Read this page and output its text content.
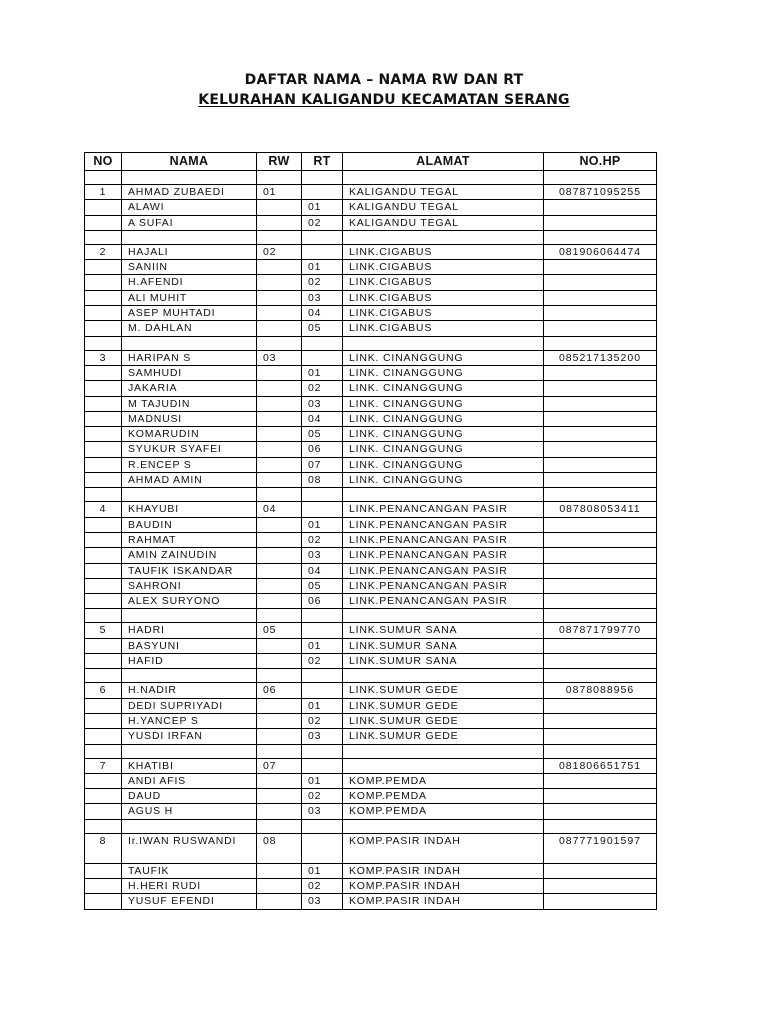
DAFTAR NAMA – NAMA RW DAN RT
KELURAHAN KALIGANDU KECAMATAN SERANG
NO	NAMA	RW	RT	ALAMAT	NO.HP

1	AHMAD ZUBAEDI	01		KALIGANDU TEGAL	087871095255
	ALAWI		01	KALIGANDU TEGAL	
	A SUFAI		02	KALIGANDU TEGAL	

2	HAJALI	02		LINK.CIGABUS	081906064474
	SANIIN		01	LINK.CIGABUS	
	H.AFENDI		02	LINK.CIGABUS	
	ALI MUHIT		03	LINK.CIGABUS	
	ASEP MUHTADI		04	LINK.CIGABUS	
	M. DAHLAN		05	LINK.CIGABUS	

3	HARIPAN S	03		LINK. CINANGGUNG	085217135200
	SAMHUDI		01	LINK. CINANGGUNG	
	JAKARIA		02	LINK. CINANGGUNG	
	M TAJUDIN		03	LINK. CINANGGUNG	
	MADNUSI		04	LINK. CINANGGUNG	
	KOMARUDIN		05	LINK. CINANGGUNG	
	SYUKUR SYAFEI		06	LINK. CINANGGUNG	
	R.ENCEP S		07	LINK. CINANGGUNG	
	AHMAD AMIN		08	LINK. CINANGGUNG	

4	KHAYUBI	04		LINK.PENANCANGAN PASIR	087808053411
	BAUDIN		01	LINK.PENANCANGAN PASIR	
	RAHMAT		02	LINK.PENANCANGAN PASIR	
	AMIN ZAINUDIN		03	LINK.PENANCANGAN PASIR	
	TAUFIK ISKANDAR		04	LINK.PENANCANGAN PASIR	
	SAHRONI		05	LINK.PENANCANGAN PASIR	
	ALEX SURYONO		06	LINK.PENANCANGAN PASIR	

5	HADRI	05		LINK.SUMUR SANA	087871799770
	BASYUNI		01	LINK.SUMUR SANA	
	HAFID		02	LINK.SUMUR SANA	

6	H.NADIR	06		LINK.SUMUR GEDE	0878088956
	DEDI SUPRIYADI		01	LINK.SUMUR GEDE	
	H.YANCEP S		02	LINK.SUMUR GEDE	
	YUSDI IRFAN		03	LINK.SUMUR GEDE	

7	KHATIBI	07			081806651751
	ANDI AFIS		01	KOMP.PEMDA	
	DAUD		02	KOMP.PEMDA	
	AGUS H		03	KOMP.PEMDA	

8	Ir.IWAN RUSWANDI	08		KOMP.PASIR INDAH	087771901597
	TAUFIK		01	KOMP.PASIR INDAH	
	H.HERI RUDI		02	KOMP.PASIR INDAH	
	YUSUF EFENDI		03	KOMP.PASIR INDAH	
